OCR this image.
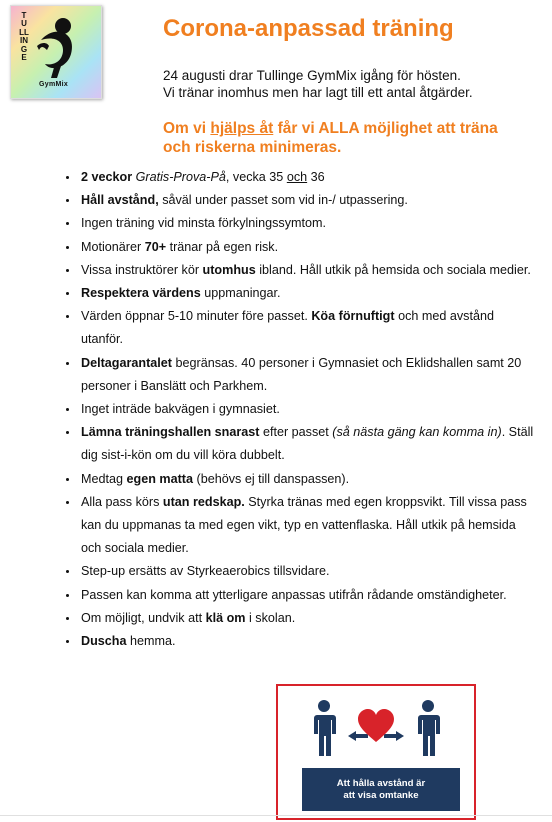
TULLINGE
GymMix
Corona-anpassad träning
24 augusti drar Tullinge GymMix igång för hösten.
Vi tränar inomhus men har lagt till ett antal åtgärder.
Om vi hjälps åt får vi ALLA möjlighet att träna och riskerna minimeras.
• 2 veckor Gratis-Prova-På, vecka 35 och 36
• Håll avstånd, såväl under passet som vid in-/ utpassering.
• Ingen träning vid minsta förkylningssymtom.
• Motionärer 70+ tränar på egen risk.
• Vissa instruktörer kör utomhus ibland. Håll utkik på hemsida och sociala medier.
• Respektera värdens uppmaningar.
• Värden öppnar 5-10 minuter före passet. Köa förnuftigt och med avstånd utanför.
• Deltagarantalet begränsas. 40 personer i Gymnasiet och Eklidshallen samt 20 personer i Banslätt och Parkhem.
• Inget inträde bakvägen i gymnasiet.
• Lämna träningshallen snarast efter passet (så nästa gäng kan komma in). Ställ dig sist-i-kön om du vill köra dubbelt.
• Medtag egen matta (behövs ej till danspassen).
• Alla pass körs utan redskap. Styrka tränas med egen kroppsvikt. Till vissa pass kan du uppmanas ta med egen vikt, typ en vattenflaska. Håll utkik på hemsida och sociala medier.
• Step-up ersätts av Styrkeaerobics tillsvidare.
• Passen kan komma att ytterligare anpassas utifrån rådande omständigheter.
• Om möjligt, undvik att klä om i skolan.
• Duscha hemma.
Att hålla avstånd är
att visa omtanke
